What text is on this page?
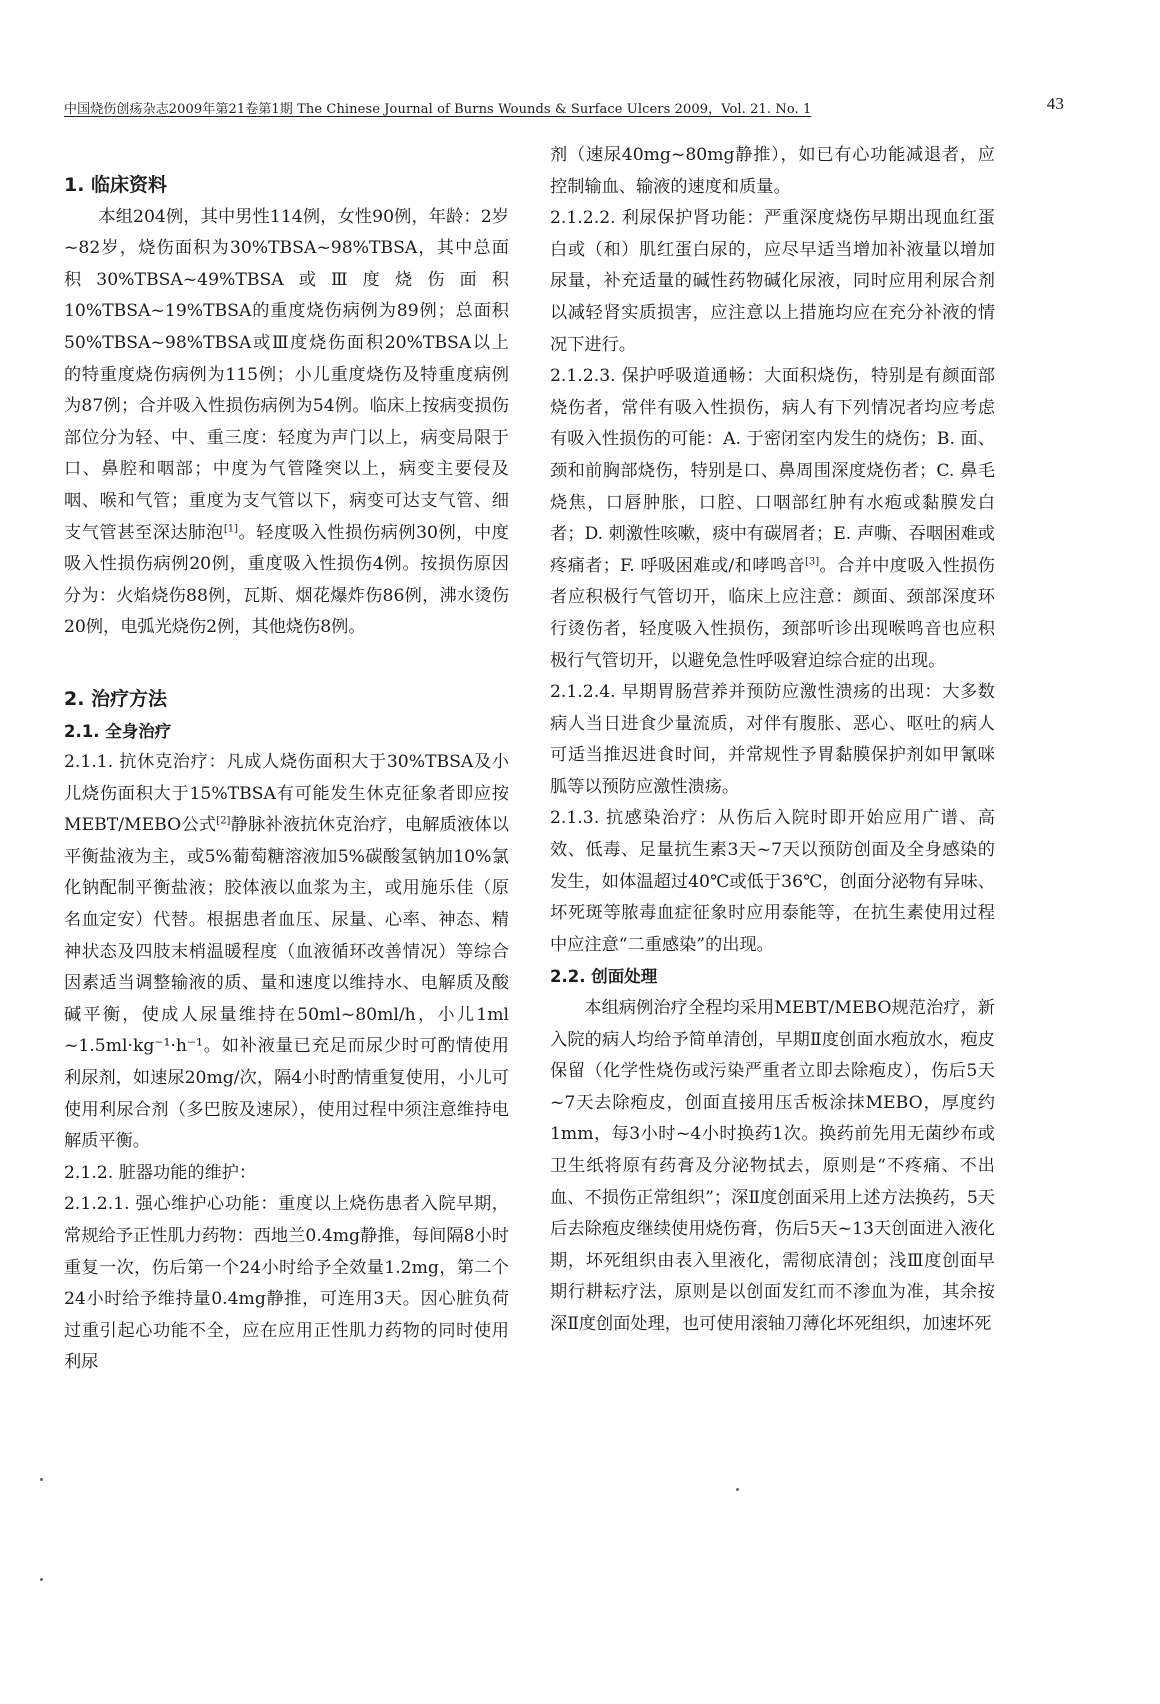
中国烧伤创疡杂志2009年第21卷第1期 The Chinese Journal of Burns Wounds & Surface Ulcers 2009，Vol. 21. No. 1	43

1. 临床资料

本组204例，其中男性114例，女性90例，年龄：2岁~82岁，烧伤面积为30%TBSA~98%TBSA，其中总面积30%TBSA~49%TBSA或Ⅲ度烧伤面积10%TBSA~19%TBSA的重度烧伤病例为89例；总面积50%TBSA~98%TBSA或Ⅲ度烧伤面积20%TBSA以上的特重度烧伤病例为115例；小儿重度烧伤及特重度病例为87例；合并吸入性损伤病例为54例。临床上按病变损伤部位分为轻、中、重三度：轻度为声门以上，病变局限于口、鼻腔和咽部；中度为气管隆突以上，病变主要侵及咽、喉和气管；重度为支气管以下，病变可达支气管、细支气管甚至深达肺泡[1]。轻度吸入性损伤病例30例，中度吸入性损伤病例20例，重度吸入性损伤4例。按损伤原因分为：火焰烧伤88例，瓦斯、烟花爆炸伤86例，沸水烫伤20例，电弧光烧伤2例，其他烧伤8例。

2. 治疗方法

2.1. 全身治疗

2.1.1. 抗休克治疗：凡成人烧伤面积大于30%TBSA及小儿烧伤面积大于15%TBSA有可能发生休克征象者即应按MEBT/MEBO公式[2]静脉补液抗休克治疗，电解质液体以平衡盐液为主，或5%葡萄糖溶液加5%碳酸氢钠加10%氯化钠配制平衡盐液；胶体液以血浆为主，或用施乐佳（原名血定安）代替。根据患者血压、尿量、心率、神态、精神状态及四肢末梢温暖程度（血液循环改善情况）等综合因素适当调整输液的质、量和速度以维持水、电解质及酸碱平衡，使成人尿量维持在50ml~80ml/h，小儿1ml ~1.5ml·kg⁻¹·h⁻¹。如补液量已充足而尿少时可酌情使用利尿剂，如速尿20mg/次，隔4小时酌情重复使用，小儿可使用利尿合剂（多巴胺及速尿），使用过程中须注意维持电解质平衡。

2.1.2. 脏器功能的维护：

2.1.2.1. 强心维护心功能：重度以上烧伤患者入院早期，常规给予正性肌力药物：西地兰0.4mg静推，每间隔8小时重复一次，伤后第一个24小时给予全效量1.2mg，第二个24小时给予维持量0.4mg静推，可连用3天。因心脏负荷过重引起心功能不全，应在应用正性肌力药物的同时使用利尿

剂（速尿40mg~80mg静推），如已有心功能减退者，应控制输血、输液的速度和质量。

2.1.2.2. 利尿保护肾功能：严重深度烧伤早期出现血红蛋白或（和）肌红蛋白尿的，应尽早适当增加补液量以增加尿量，补充适量的碱性药物碱化尿液，同时应用利尿合剂以减轻肾实质损害，应注意以上措施均应在充分补液的情况下进行。

2.1.2.3. 保护呼吸道通畅：大面积烧伤，特别是有颜面部烧伤者，常伴有吸入性损伤，病人有下列情况者均应考虑有吸入性损伤的可能：A. 于密闭室内发生的烧伤；B. 面、颈和前胸部烧伤，特别是口、鼻周围深度烧伤者；C. 鼻毛烧焦，口唇肿胀，口腔、口咽部红肿有水疱或黏膜发白者；D. 刺激性咳嗽，痰中有碳屑者；E. 声嘶、吞咽困难或疼痛者；F. 呼吸困难或/和哮鸣音[3]。合并中度吸入性损伤者应积极行气管切开，临床上应注意：颜面、颈部深度环行烫伤者，轻度吸入性损伤，颈部听诊出现喉鸣音也应积极行气管切开，以避免急性呼吸窘迫综合症的出现。

2.1.2.4. 早期胃肠营养并预防应激性溃疡的出现：大多数病人当日进食少量流质，对伴有腹胀、恶心、呕吐的病人可适当推迟进食时间，并常规性予胃黏膜保护剂如甲氰咪胍等以预防应激性溃疡。

2.1.3. 抗感染治疗：从伤后入院时即开始应用广谱、高效、低毒、足量抗生素3天~7天以预防创面及全身感染的发生，如体温超过40℃或低于36℃，创面分泌物有异味、坏死斑等脓毒血症征象时应用泰能等，在抗生素使用过程中应注意“二重感染”的出现。

2.2. 创面处理

本组病例治疗全程均采用MEBT/MEBO规范治疗，新入院的病人均给予简单清创，早期Ⅱ度创面水疱放水，疱皮保留（化学性烧伤或污染严重者立即去除疱皮），伤后5天~7天去除疱皮，创面直接用压舌板涂抹MEBO，厚度约1mm，每3小时~4小时换药1次。换药前先用无菌纱布或卫生纸将原有药膏及分泌物拭去，原则是“不疼痛、不出血、不损伤正常组织”；深Ⅱ度创面采用上述方法换药，5天后去除疱皮继续使用烧伤膏，伤后5天~13天创面进入液化期，坏死组织由表入里液化，需彻底清创；浅Ⅲ度创面早期行耕耘疗法，原则是以创面发红而不渗血为准，其余按深Ⅱ度创面处理，也可使用滚轴刀薄化坏死组织，加速坏死
